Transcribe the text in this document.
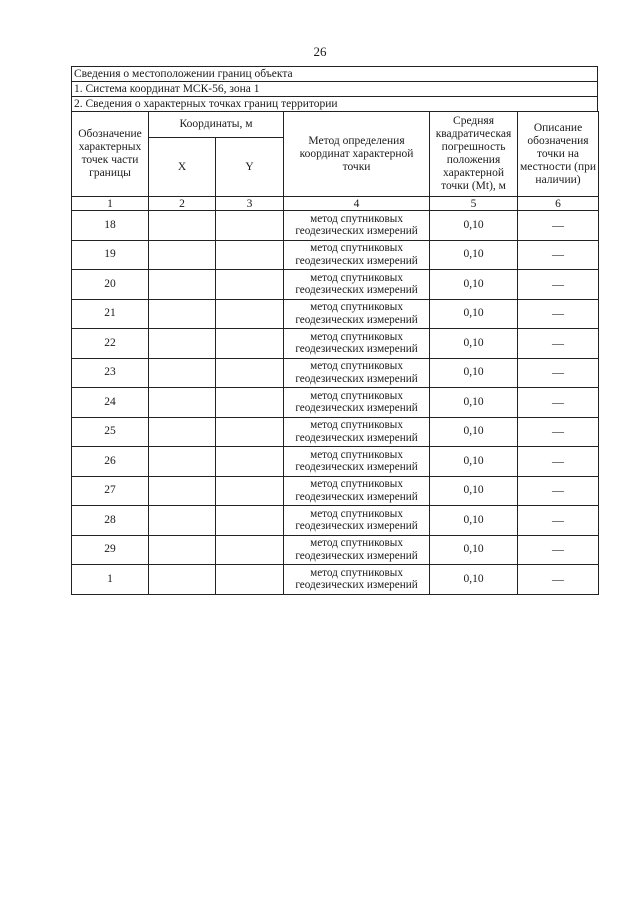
26
Сведения о местоположении границ объекта
1. Система координат МСК-56, зона 1
2. Сведения о характерных точках границ территории
Обозначение характерных точек части границы	Координаты, м		Метод определения координат характерной точки	Средняя квадратическая погрешность положения характерной точки (Mt), м	Описание обозначения точки на местности (при наличии)
	X	Y			
1	2	3	4	5	6
18			метод спутниковых геодезических измерений	0,10	—
19			метод спутниковых геодезических измерений	0,10	—
20			метод спутниковых геодезических измерений	0,10	—
21			метод спутниковых геодезических измерений	0,10	—
22			метод спутниковых геодезических измерений	0,10	—
23			метод спутниковых геодезических измерений	0,10	—
24			метод спутниковых геодезических измерений	0,10	—
25			метод спутниковых геодезических измерений	0,10	—
26			метод спутниковых геодезических измерений	0,10	—
27			метод спутниковых геодезических измерений	0,10	—
28			метод спутниковых геодезических измерений	0,10	—
29			метод спутниковых геодезических измерений	0,10	—
1			метод спутниковых геодезических измерений	0,10	—
